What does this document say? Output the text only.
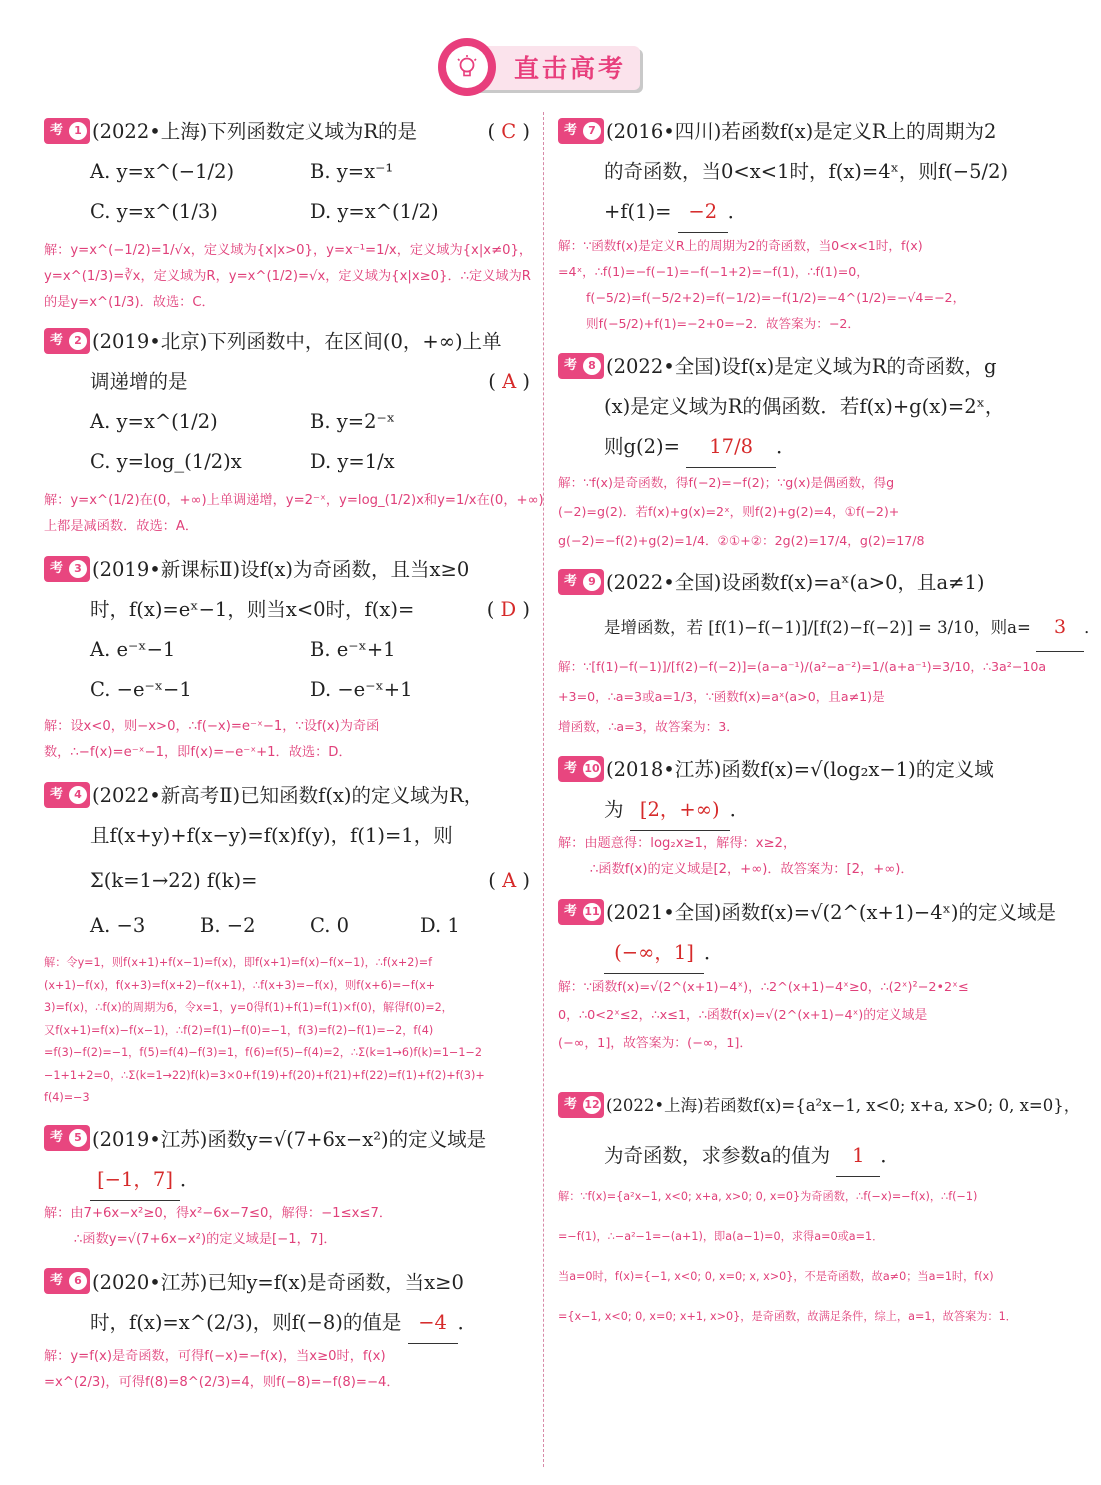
直击高考
考	1 (2022•上海)下列函数定义域为R的是	( C )
A. y=x^(−1/2)	B. y=x⁻¹
C. y=x^(1/3)	D. y=x^(1/2)
解：y=x^(−1/2)=1/√x，定义域为{x|x>0}，y=x⁻¹=1/x，定义域为{x|x≠0}，
y=x^(1/3)=∛x，定义域为R，y=x^(1/2)=√x，定义域为{x|x≥0}．∴定义域为R
的是y=x^(1/3)．故选：C．
考	2 (2019•北京)下列函数中，在区间(0，+∞)上单
调递增的是	( A )
A. y=x^(1/2)	B. y=2⁻ˣ
C. y=log_(1/2)x	D. y=1/x
解：y=x^(1/2)在(0，+∞)上单调递增，y=2⁻ˣ，y=log_(1/2)x和y=1/x在(0，+∞)
上都是减函数．故选：A．
考	3 (2019•新课标Ⅱ)设f(x)为奇函数，且当x≥0
时，f(x)=eˣ−1，则当x<0时，f(x)=	( D )
A. e⁻ˣ−1	B. e⁻ˣ+1
C. −e⁻ˣ−1	D. −e⁻ˣ+1
解：设x<0，则−x>0，∴f(−x)=e⁻ˣ−1，∵设f(x)为奇函
数，∴−f(x)=e⁻ˣ−1，即f(x)=−e⁻ˣ+1．故选：D．
考	4 (2022•新高考Ⅱ)已知函数f(x)的定义域为R，
且f(x+y)+f(x−y)=f(x)f(y)，f(1)=1，则
Σ(k=1→22) f(k)=	( A )
A. −3	B. −2	C. 0	D. 1
解：令y=1，则f(x+1)+f(x−1)=f(x)，即f(x+1)=f(x)−f(x−1)，∴f(x+2)=f
(x+1)−f(x)，f(x+3)=f(x+2)−f(x+1)，∴f(x+3)=−f(x)，则f(x+6)=−f(x+
3)=f(x)，∴f(x)的周期为6，令x=1，y=0得f(1)+f(1)=f(1)×f(0)，解得f(0)=2，
又f(x+1)=f(x)−f(x−1)，∴f(2)=f(1)−f(0)=−1，f(3)=f(2)−f(1)=−2，f(4)
=f(3)−f(2)=−1，f(5)=f(4)−f(3)=1，f(6)=f(5)−f(4)=2，∴Σ(k=1→6)f(k)=1−1−2
−1+1+2=0，∴Σ(k=1→22)f(k)=3×0+f(19)+f(20)+f(21)+f(22)=f(1)+f(2)+f(3)+
f(4)=−3
考	5 (2019•江苏)函数y=√(7+6x−x²)的定义域是
[−1，7] ．
解：由7+6x−x²≥0，得x²−6x−7≤0，解得：−1≤x≤7．
∴函数y=√(7+6x−x²)的定义域是[−1，7]．
考	6 (2020•江苏)已知y=f(x)是奇函数，当x≥0
时，f(x)=x^(2/3)，则f(−8)的值是 −4 ．
解：y=f(x)是奇函数，可得f(−x)=−f(x)，当x≥0时，f(x)
=x^(2/3)，可得f(8)=8^(2/3)=4，则f(−8)=−f(8)=−4．
考	7 (2016•四川)若函数f(x)是定义R上的周期为2
的奇函数，当0<x<1时，f(x)=4ˣ，则f(−5/2)
+f(1)= −2 ．
解：∵函数f(x)是定义R上的周期为2的奇函数，当0<x<1时，f(x)
=4ˣ，∴f(1)=−f(−1)=−f(−1+2)=−f(1)，∴f(1)=0，
f(−5/2)=f(−5/2+2)=f(−1/2)=−f(1/2)=−4^(1/2)=−√4=−2，
则f(−5/2)+f(1)=−2+0=−2．故答案为：−2．
考	8 (2022•全国)设f(x)是定义域为R的奇函数，g
(x)是定义域为R的偶函数．若f(x)+g(x)=2ˣ，
则g(2)= 17/8 ．
解：∵f(x)是奇函数，得f(−2)=−f(2)；∵g(x)是偶函数，得g
(−2)=g(2)．若f(x)+g(x)=2ˣ，则f(2)+g(2)=4，①f(−2)+
g(−2)=−f(2)+g(2)=1/4．②①+②：2g(2)=17/4，g(2)=17/8
考	9 (2022•全国)设函数f(x)=aˣ(a>0，且a≠1)
是增函数，若 [f(1)−f(−1)]/[f(2)−f(−2)] = 3/10，则a= 3 ．
解：∵[f(1)−f(−1)]/[f(2)−f(−2)]=(a−a⁻¹)/(a²−a⁻²)=1/(a+a⁻¹)=3/10，∴3a²−10a
+3=0，∴a=3或a=1/3，∵函数f(x)=aˣ(a>0，且a≠1)是
增函数，∴a=3，故答案为：3．
考 10 (2018•江苏)函数f(x)=√(log₂x−1)的定义域
为 [2，+∞) ．
解：由题意得：log₂x≥1，解得：x≥2，
∴函数f(x)的定义域是[2，+∞)．故答案为：[2，+∞)．
考 11 (2021•全国)函数f(x)=√(2^(x+1)−4ˣ)的定义域是
(−∞，1] ．
解：∵函数f(x)=√(2^(x+1)−4ˣ)，∴2^(x+1)−4ˣ≥0，∴(2ˣ)²−2•2ˣ≤
0，∴0<2ˣ≤2，∴x≤1，∴函数f(x)=√(2^(x+1)−4ˣ)的定义域是
(−∞，1]，故答案为：(−∞，1]．
考 12 (2022•上海)若函数f(x)={a²x−1, x<0; x+a, x>0; 0, x=0}，
为奇函数，求参数a的值为 1 ．
解：∵f(x)={a²x−1, x<0; x+a, x>0; 0, x=0}为奇函数，∴f(−x)=−f(x)，∴f(−1)
=−f(1)，∴−a²−1=−(a+1)，即a(a−1)=0，求得a=0或a=1．
当a=0时，f(x)={−1, x<0; 0, x=0; x, x>0}，不是奇函数，故a≠0；当a=1时，f(x)
={x−1, x<0; 0, x=0; x+1, x>0}，是奇函数，故满足条件，综上，a=1，故答案为：1．
